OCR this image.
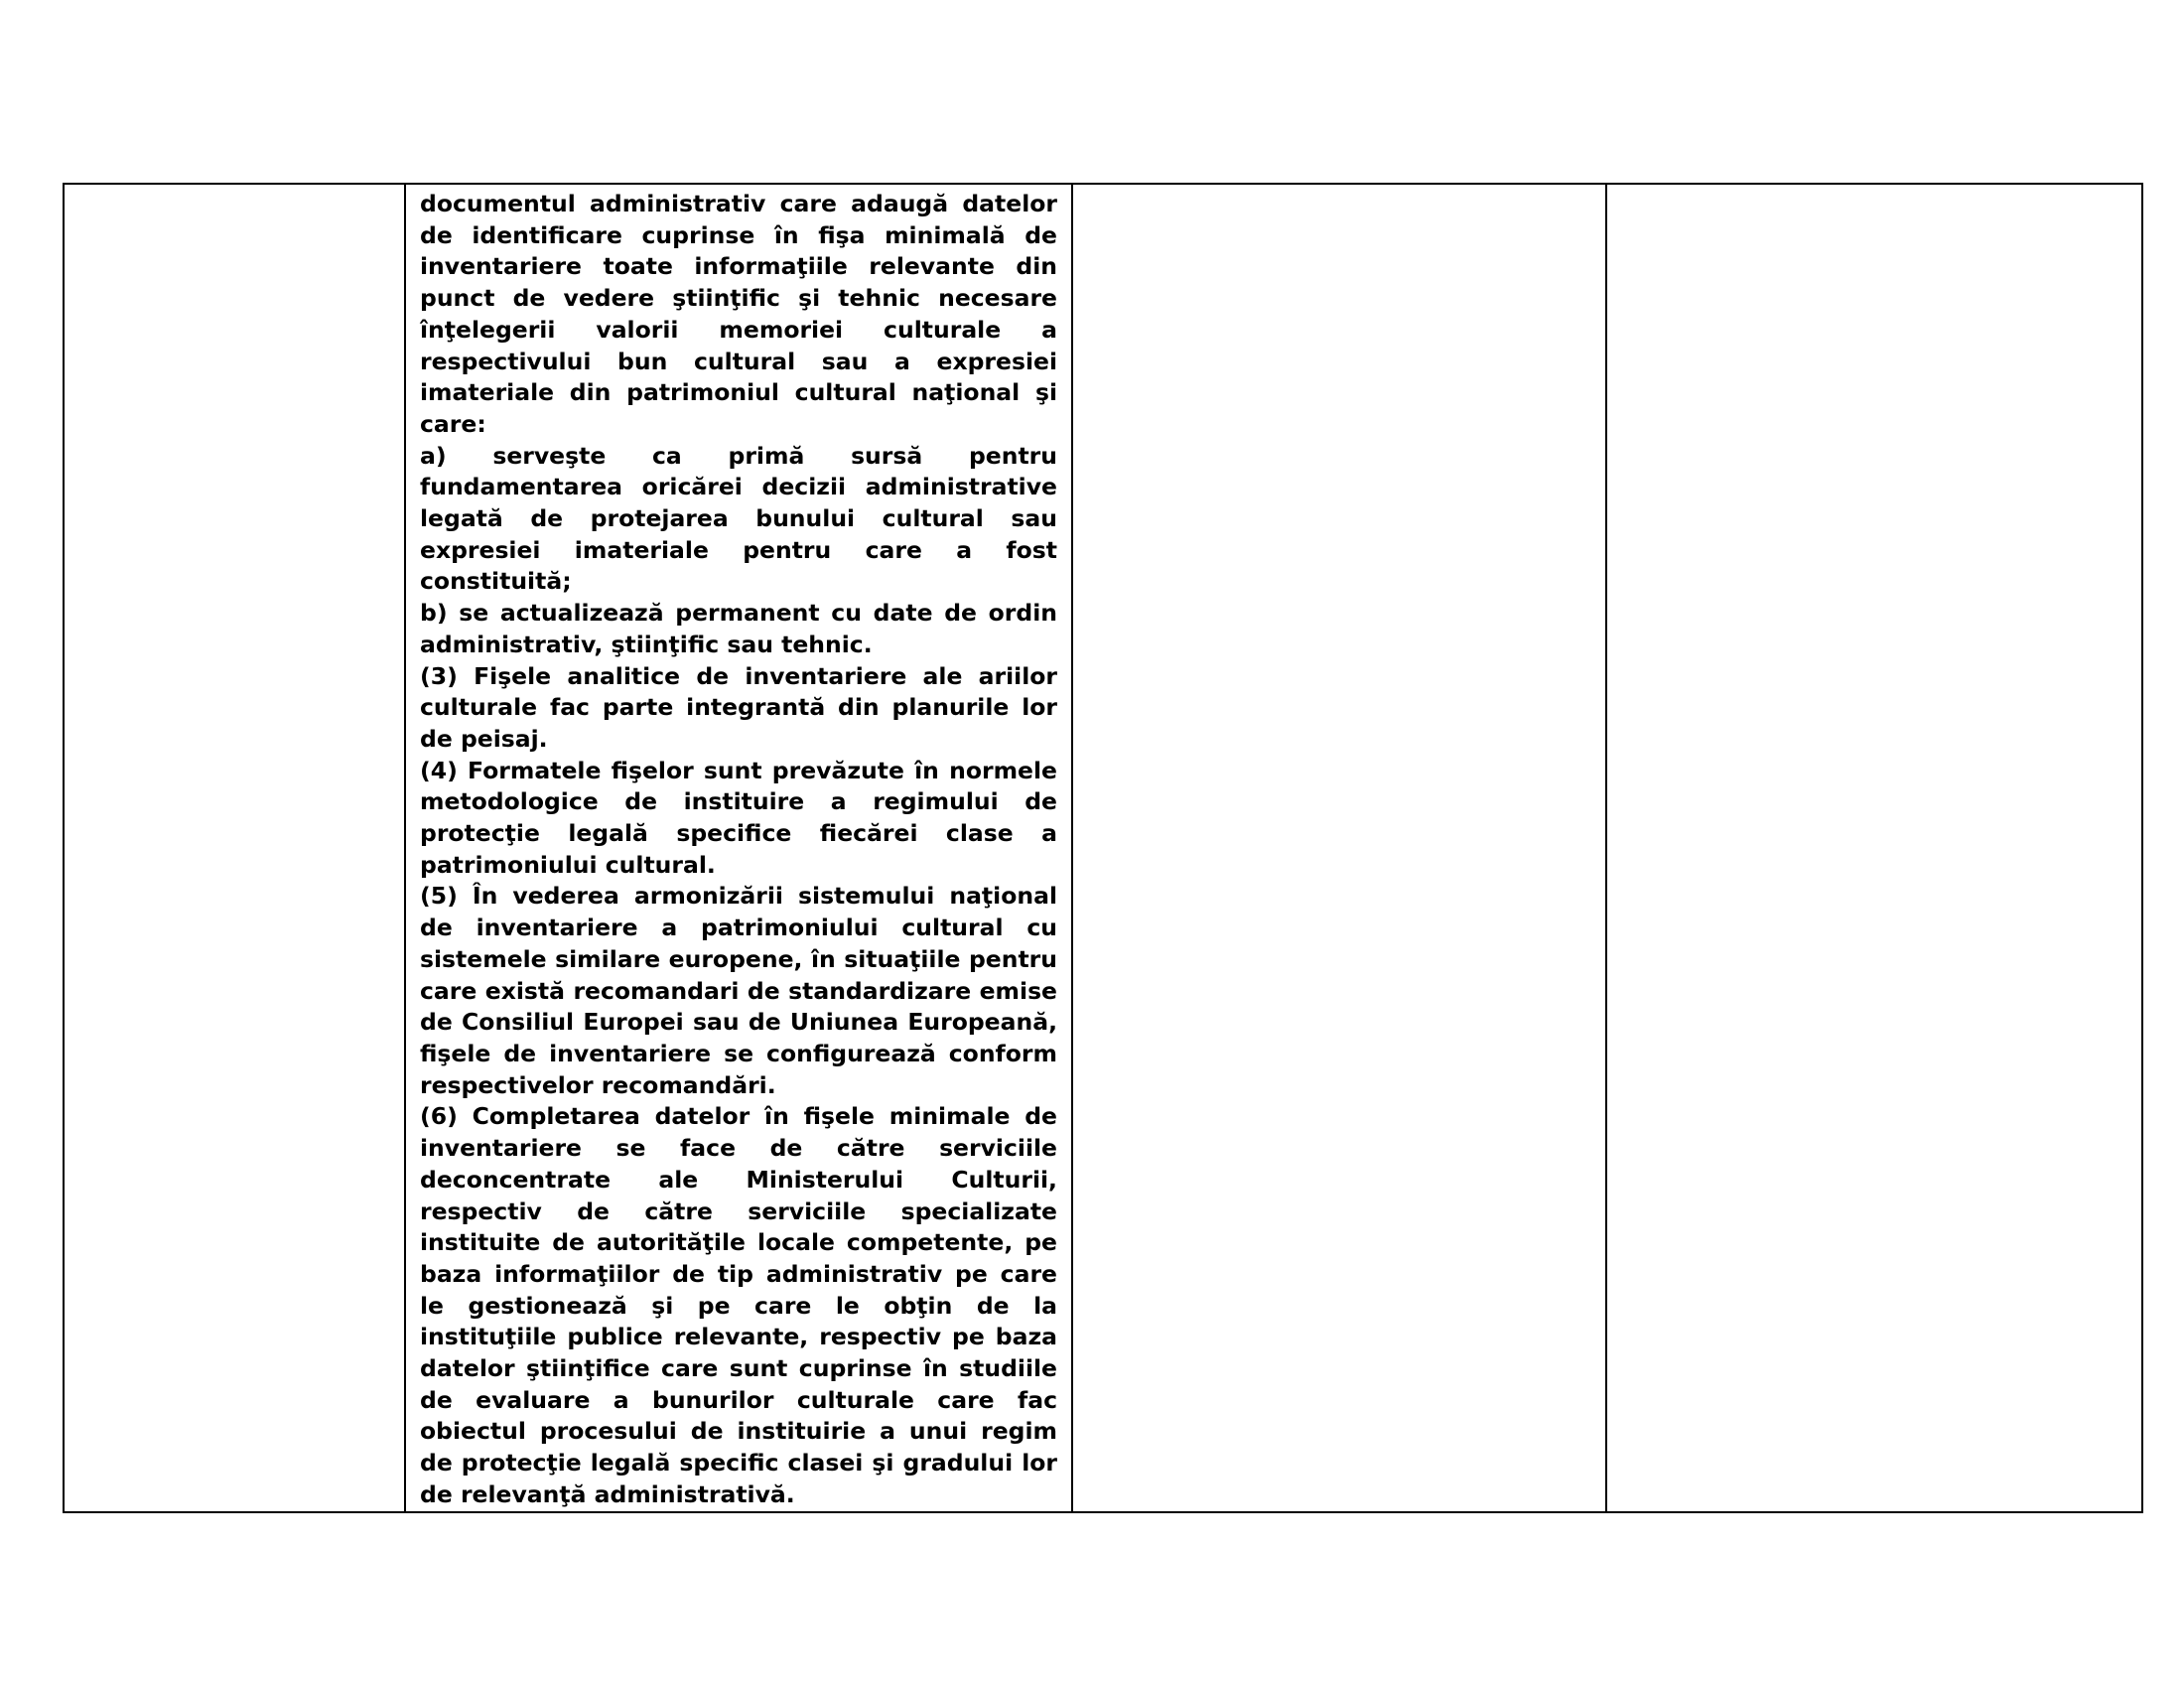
documentul administrativ care adaugă datelor de identificare cuprinse în fişa minimală de inventariere toate informaţiile relevante din punct de vedere ştiinţific şi tehnic necesare înţelegerii valorii memoriei culturale a respectivului bun cultural sau a expresiei imateriale din patrimoniul cultural naţional şi care:

a) serveşte ca primă sursă pentru fundamentarea oricărei decizii administrative legată de protejarea bunului cultural sau expresiei imateriale pentru care a fost constituită;

b) se actualizează permanent cu date de ordin administrativ, ştiinţific sau tehnic.

(3) Fişele analitice de inventariere ale ariilor culturale fac parte integrantă din planurile lor de peisaj.

(4) Formatele fişelor sunt prevăzute în normele metodologice de instituire a regimului de protecţie legală specifice fiecărei clase a patrimoniului cultural.

(5) În vederea armonizării sistemului naţional de inventariere a patrimoniului cultural cu sistemele similare europene, în situaţiile pentru care există recomandari de standardizare emise de Consiliul Europei sau de Uniunea Europeană, fişele de inventariere se configurează conform respectivelor recomandări.

(6) Completarea datelor în fişele minimale de inventariere se face de către serviciile deconcentrate ale Ministerului Culturii, respectiv de către serviciile specializate instituite de autorităţile locale competente, pe baza informaţiilor de tip administrativ pe care le gestionează şi pe care le obţin de la instituţiile publice relevante, respectiv pe baza datelor ştiinţifice care sunt cuprinse în studiile de evaluare a bunurilor culturale care fac obiectul procesului de instituirie a unui regim de protecţie legală specific clasei şi gradului lor de relevanţă administrativă.
